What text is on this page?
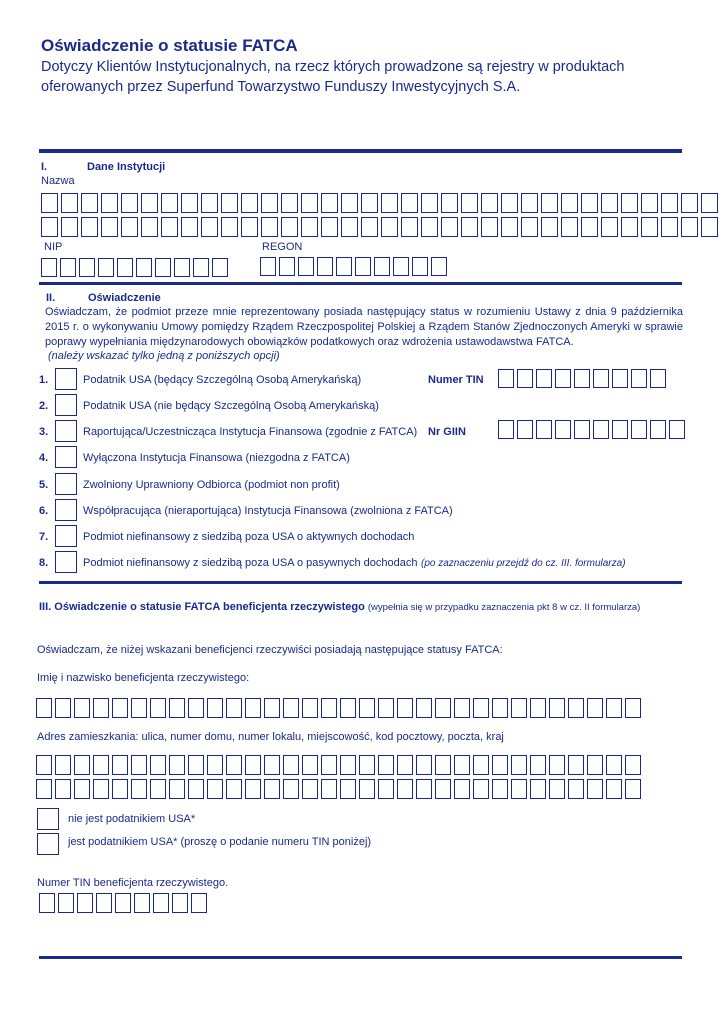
Oświadczenie o statusie FATCA
Dotyczy Klientów Instytucjonalnych, na rzecz których prowadzone są rejestry w produktach oferowanych przez Superfund Towarzystwo Funduszy Inwestycyjnych S.A.
I.	Dane Instytucji
Nazwa
NIP	REGON
II.	Oświadczenie
Oświadczam, że podmiot przeze mnie reprezentowany posiada następujący status w rozumieniu Ustawy z dnia 9 października 2015 r. o wykonywaniu Umowy pomiędzy Rządem Rzeczpospolitej Polskiej a Rządem Stanów Zjednoczonych Ameryki w sprawie poprawy wypełniania międzynarodowych obowiązków podatkowych oraz wdrożenia ustawodawstwa FATCA.
(należy wskazać tylko jedną z poniższych opcji)
1.	Podatnik USA (będący Szczególną Osobą Amerykańską)	Numer TIN
2.	Podatnik USA (nie będący Szczególną Osobą Amerykańską)
3.	Raportująca/Uczestnicząca Instytucja Finansowa (zgodnie z FATCA) Nr GIIN
4.	Wyłączona Instytucja Finansowa (niezgodna z FATCA)
5.	Zwolniony Uprawniony Odbiorca (podmiot non profit)
6.	Współpracująca (nieraportująca) Instytucja Finansowa (zwolniona z FATCA)
7.	Podmiot niefinansowy z siedzibą poza USA o aktywnych dochodach
8.	Podmiot niefinansowy z siedzibą poza USA o pasywnych dochodach (po zaznaczeniu przejdź do cz. III. formularza)
III. Oświadczenie o statusie FATCA beneficjenta rzeczywistego (wypełnia się w przypadku zaznaczenia pkt 8 w cz. II formularza)
Oświadczam, że niżej wskazani beneficjenci rzeczywiści posiadają następujące statusy FATCA:
Imię i nazwisko beneficjenta rzeczywistego:
Adres zamieszkania: ulica, numer domu, numer lokalu, miejscowość, kod pocztowy, poczta, kraj
nie jest podatnikiem USA*
jest podatnikiem USA* (proszę o podanie numeru TIN poniżej)
Numer TIN beneficjenta rzeczywistego.
